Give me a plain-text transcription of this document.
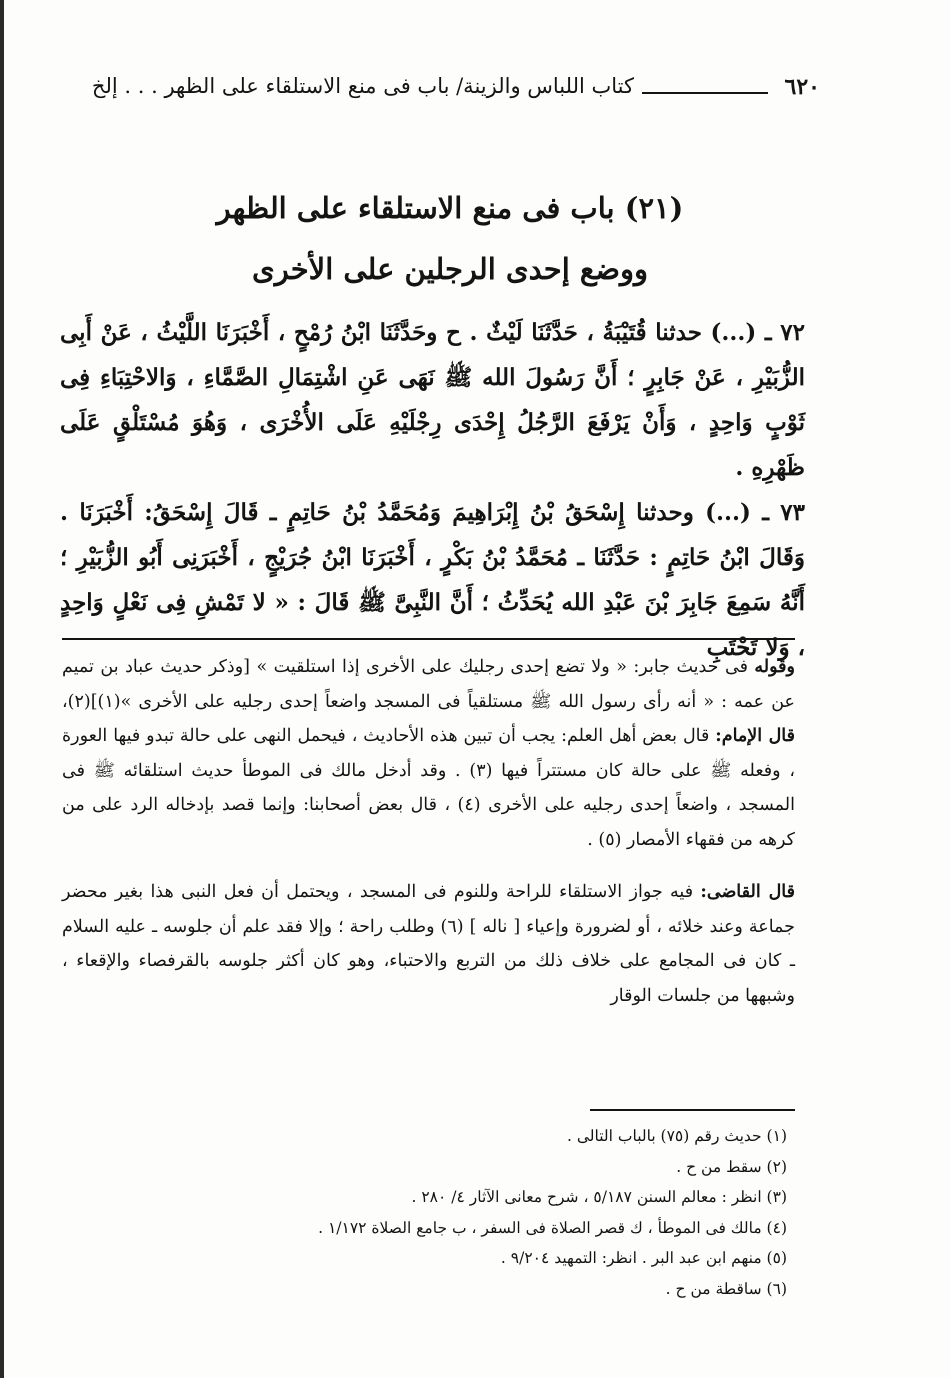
٦٢٠
كتاب اللباس والزينة/ باب فى منع الاستلقاء على الظهر . . . إلخ
(٢١) باب فى منع الاستلقاء على الظهر
ووضع إحدى الرجلين على الأخرى

٧٢ ـ (...) حدثنا قُتَيْبَةُ ، حَدَّثَنَا لَيْثٌ . ح وحَدَّثَنَا ابْنُ رُمْحٍ ، أَخْبَرَنَا اللَّيْثُ ، عَنْ أَبِى الزُّبَيْرِ ، عَنْ جَابِرٍ ؛ أَنَّ رَسُولَ الله ﷺ نَهَى عَنِ اشْتِمَالِ الصَّمَّاءِ ، وَالاحْتِبَاءِ فِى ثَوْبٍ وَاحِدٍ ، وَأَنْ يَرْفَعَ الرَّجُلُ إِحْدَى رِجْلَيْهِ عَلَى الأُخْرَى ، وَهُوَ مُسْتَلْقٍ عَلَى ظَهْرِهِ .

٧٣ ـ (...) وحدثنا إِسْحَقُ بْنُ إِبْرَاهِيمَ وَمُحَمَّدُ بْنُ حَاتِمٍ ـ قَالَ إِسْحَقُ: أَخْبَرَنَا . وَقَالَ ابْنُ حَاتِمٍ : حَدَّثَنَا ـ مُحَمَّدُ بْنُ بَكْرٍ ، أَخْبَرَنَا ابْنُ جُرَيْجٍ ، أَخْبَرَنِى أَبُو الزُّبَيْرِ ؛ أَنَّهُ سَمِعَ جَابِرَ بْنَ عَبْدِ الله يُحَدِّثُ ؛ أَنَّ النَّبِىَّ ﷺ قَالَ : « لا تَمْشِ فِى نَعْلٍ وَاحِدٍ ، وَلا تَحْتَبِ

وقوله فى حديث جابر: « ولا تضع إحدى رجليك على الأخرى إذا استلقيت » [وذكر حديث عباد بن تميم عن عمه : « أنه رأى رسول الله ﷺ مستلقياً فى المسجد واضعاً إحدى رجليه على الأخرى »(١)](٢)، قال الإمام: قال بعض أهل العلم: يجب أن تبين هذه الأحاديث ، فيحمل النهى على حالة تبدو فيها العورة ، وفعله ﷺ على حالة كان مستتراً فيها (٣) . وقد أدخل مالك فى الموطأ حديث استلقائه ﷺ فى المسجد ، واضعاً إحدى رجليه على الأخرى (٤) ، قال بعض أصحابنا: وإنما قصد بإدخاله الرد على من كرهه من فقهاء الأمصار (٥) .

قال القاضى: فيه جواز الاستلقاء للراحة وللنوم فى المسجد ، ويحتمل أن فعل النبى هذا بغير محضر جماعة وعند خلائه ، أو لضرورة وإعياء [ ناله ] (٦) وطلب راحة ؛ وإلا فقد علم أن جلوسه ـ عليه السلام ـ كان فى المجامع على خلاف ذلك من التربع والاحتباء، وهو كان أكثر جلوسه بالقرفصاء والإقعاء ، وشبهها من جلسات الوقار

(١) حديث رقم (٧٥) بالباب التالى .
(٢) سقط من ح .
(٣) انظر : معالم السنن ٥/١٨٧ ، شرح معانى الآثار ٤/ ٢٨٠ .
(٤) مالك فى الموطأ ، ك قصر الصلاة فى السفر ، ب جامع الصلاة ١/١٧٢ .
(٥) منهم ابن عبد البر . انظر: التمهيد ٩/٢٠٤ .
(٦) ساقطة من ح .
